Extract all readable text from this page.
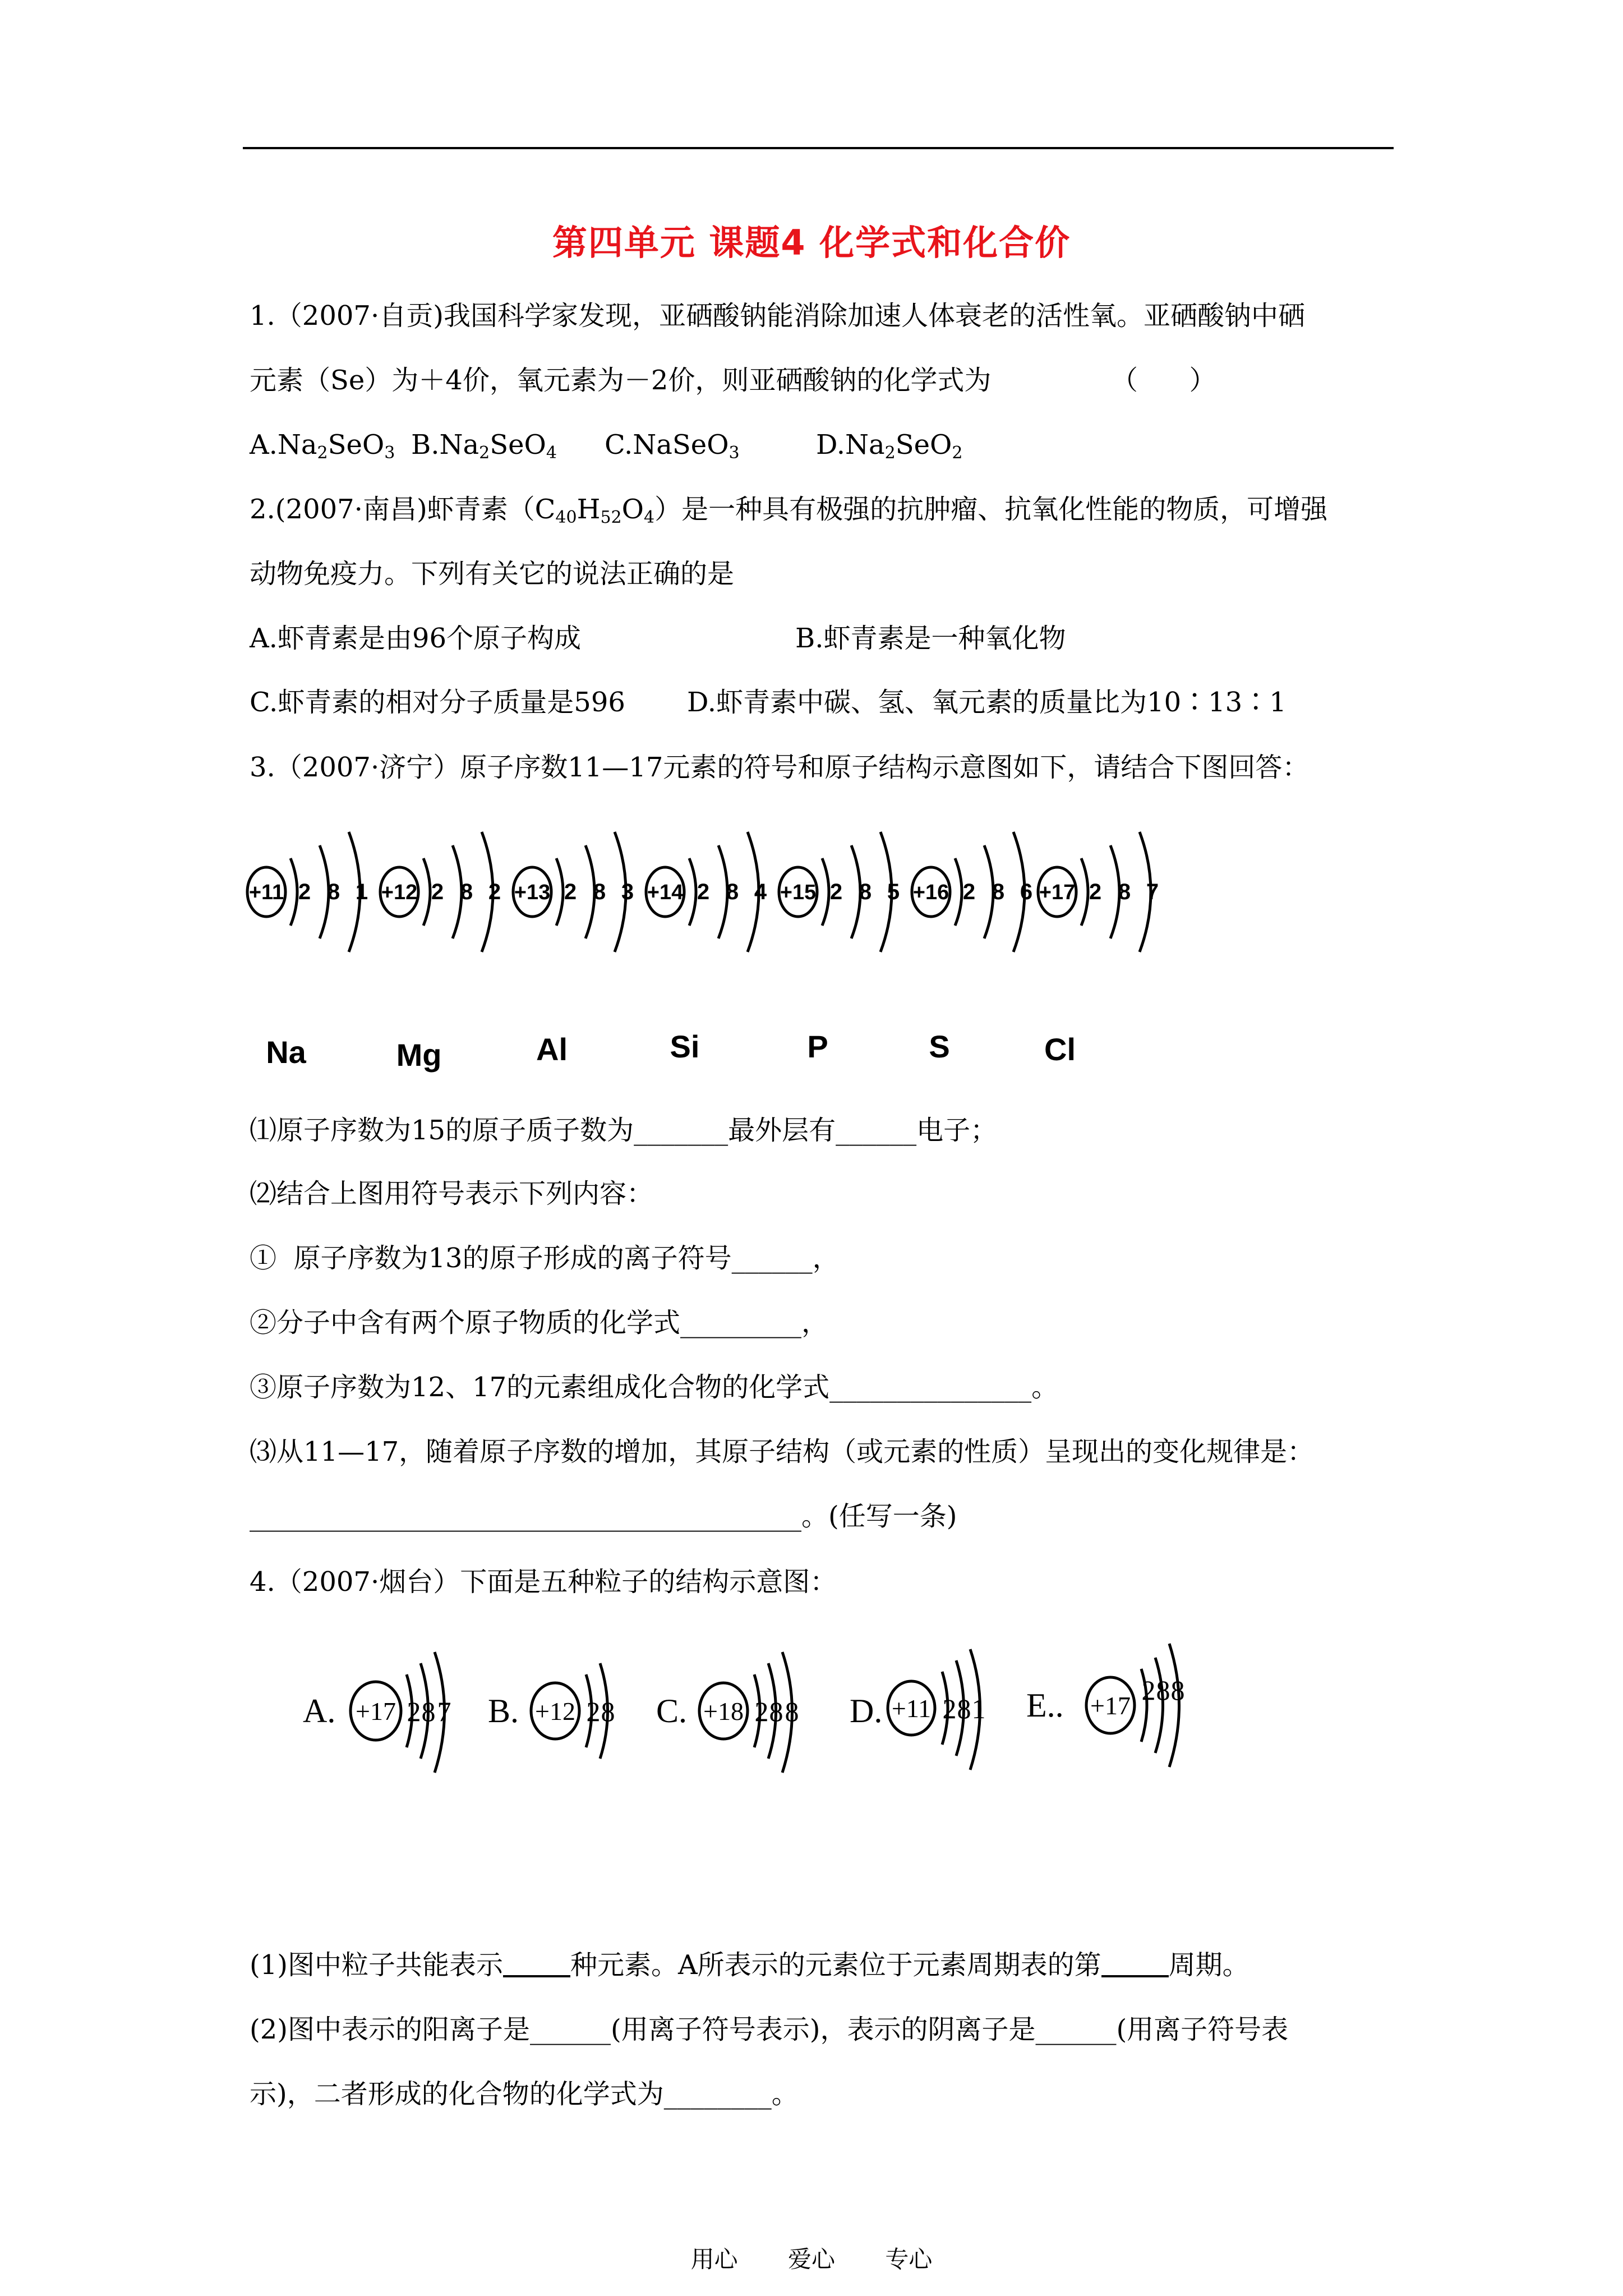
第四单元 课题4 化学式和化合价
1.（2007·自贡)我国科学家发现，亚硒酸钠能消除加速人体衰老的活性氧。亚硒酸钠中硒
元素（Se）为＋4价，氧元素为－2价，则亚硒酸钠的化学式为              （      ）
$A.Na_2SeO_3$ $B.Na_2SeO_4$ C.NaSeO$_3$	$D.Na_2SeO_2$
2.(2007·南昌)虾青素$(C_{40}H_{52}O_4)$是一种具有极强的抗肿瘤、抗氧化性能的物质，可增强
动物免疫力。下列有关它的说法正确的是
A.虾青素是由96个原子构成	B.虾青素是一种氧化物
C.虾青素的相对分子质量是596 D.虾青素中碳、氢、氧元素的质量比为10∶13∶1
3.（2007·济宁）原子序数11—17元素的符号和原子结构示意图如下，请结合下图回答：
+11 2 8 1
Na
+12 2 8 2
Mg
+13 2 8 3
Al
+14 2 8 4
Si
+15 2 8 5
P
+16 2 8 6
S
+17 2 8 7
Cl
⑴原子序数为15的原子质子数为_______最外层有______电子；
⑵结合上图用符号表示下列内容：
①  原子序数为13的原子形成的离子符号______，
②分子中含有两个原子物质的化学式_________，
③原子序数为12、17的元素组成化合物的化学式_______________。
⑶从11—17，随着原子序数的增加，其原子结构（或元素的性质）呈现出的变化规律是：
_________________________________________。(任写一条)
4.（2007·烟台）下面是五种粒子的结构示意图：
A. +17 2 8 7 B. +12 2 8 C. +18 2 8 8 D. +11 2 8 1 E.. +17 2 8 8
(1)图中粒子共能表示	种元素。A所表示的元素位于元素周期表的第	周期。
(2)图中表示的阳离子是______(用离子符号表示)，表示的阴离子是______(用离子符号表
示)，二者形成的化合物的化学式为________。
用心 爱心 专心
